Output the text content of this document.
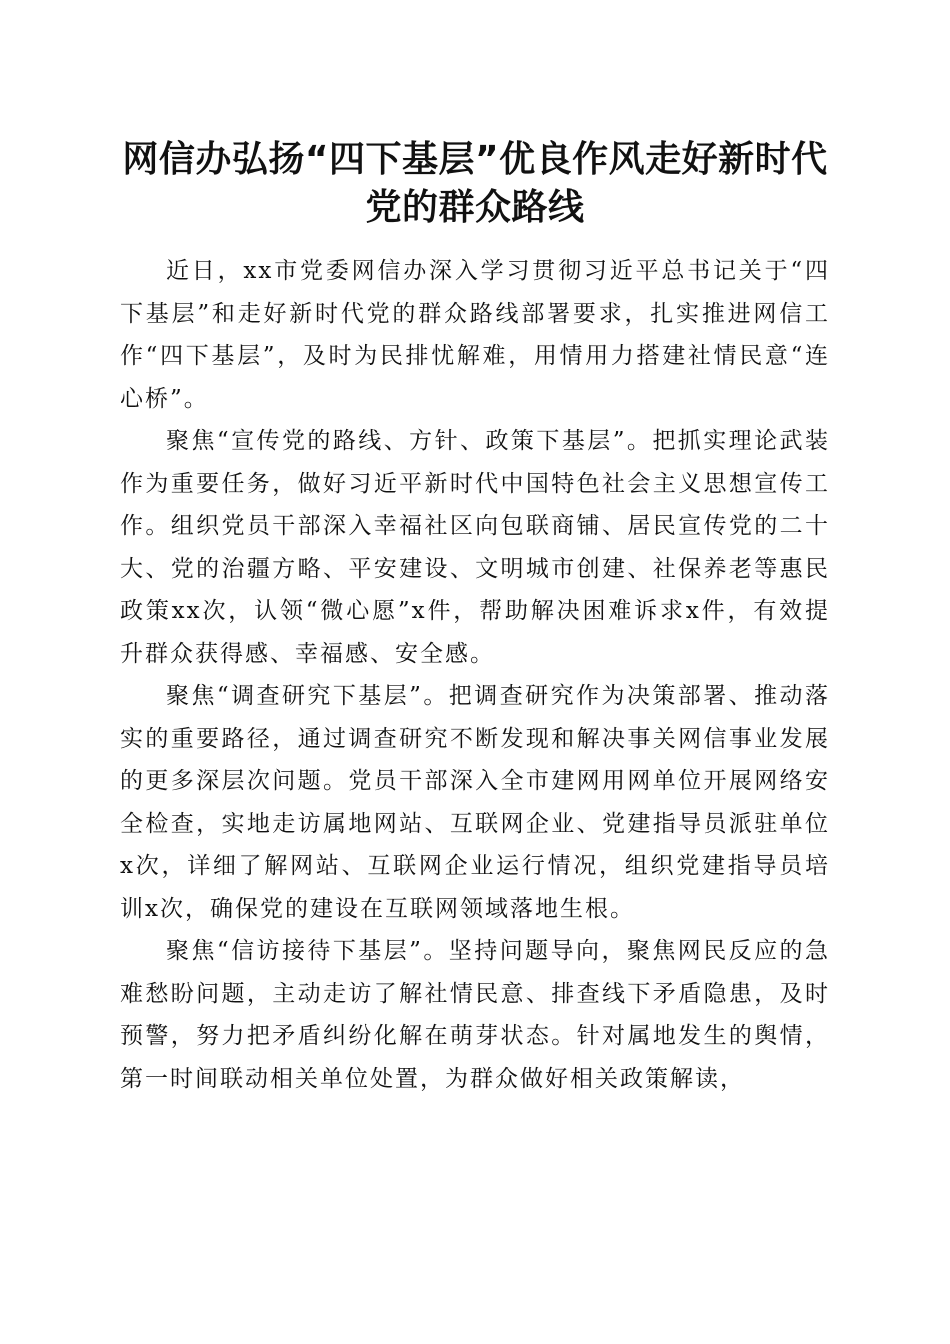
网信办弘扬“四下基层”优良作风走好新时代
党的群众路线

近日，xx市党委网信办深入学习贯彻习近平总书记关于“四下基层”和走好新时代党的群众路线部署要求，扎实推进网信工作“四下基层”，及时为民排忧解难，用情用力搭建社情民意“连心桥”。

聚焦“宣传党的路线、方针、政策下基层”。把抓实理论武装作为重要任务，做好习近平新时代中国特色社会主义思想宣传工作。组织党员干部深入幸福社区向包联商铺、居民宣传党的二十大、党的治疆方略、平安建设、文明城市创建、社保养老等惠民政策xx次，认领“微心愿”x件，帮助解决困难诉求x件，有效提升群众获得感、幸福感、安全感。

聚焦“调查研究下基层”。把调查研究作为决策部署、推动落实的重要路径，通过调查研究不断发现和解决事关网信事业发展的更多深层次问题。党员干部深入全市建网用网单位开展网络安全检查，实地走访属地网站、互联网企业、党建指导员派驻单位x次，详细了解网站、互联网企业运行情况，组织党建指导员培训x次，确保党的建设在互联网领域落地生根。

聚焦“信访接待下基层”。坚持问题导向，聚焦网民反应的急难愁盼问题，主动走访了解社情民意、排查线下矛盾隐患，及时预警，努力把矛盾纠纷化解在萌芽状态。针对属地发生的舆情，第一时间联动相关单位处置，为群众做好相关政策解读，
